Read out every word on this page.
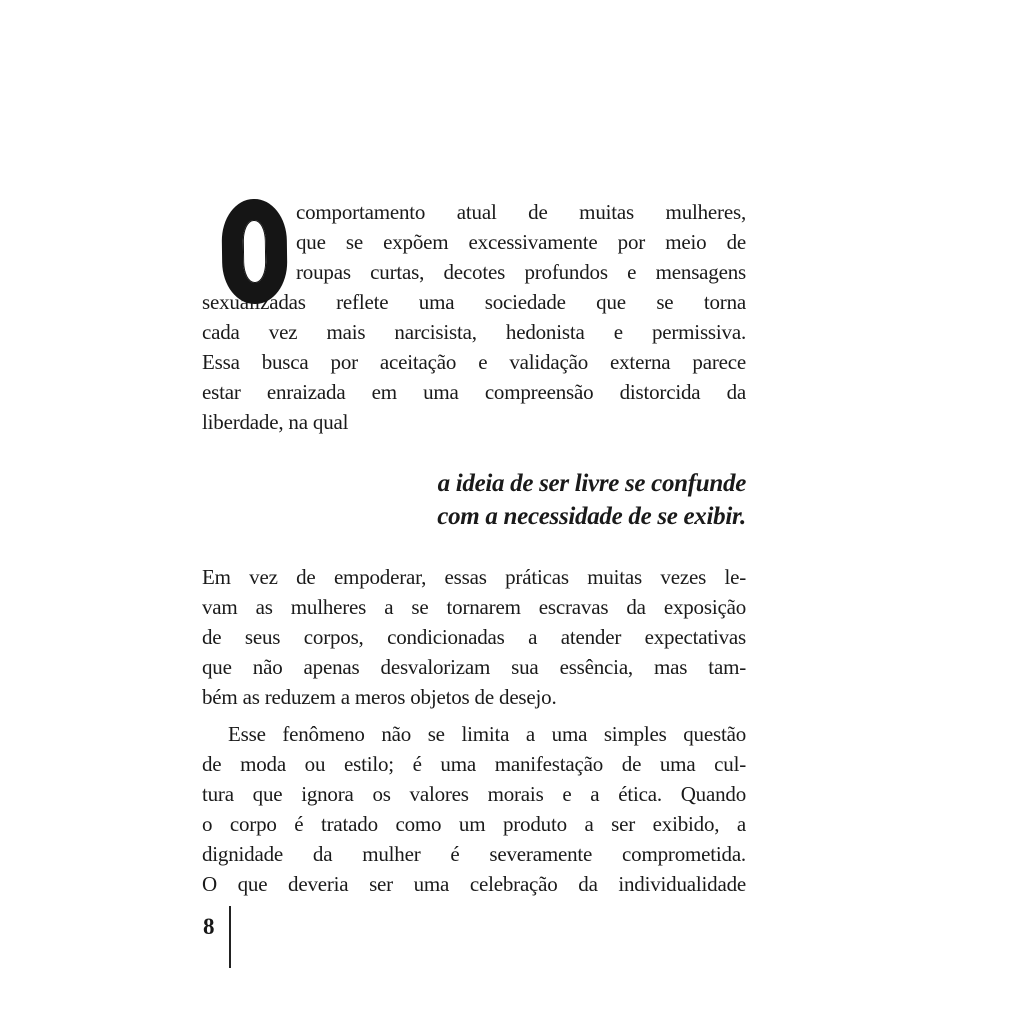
comportamento atual de muitas mulheres,
que se expõem excessivamente por meio de
roupas curtas, decotes profundos e mensagens
sexualizadas reflete uma sociedade que se torna
cada vez mais narcisista, hedonista e permissiva.
Essa busca por aceitação e validação externa parece
estar enraizada em uma compreensão distorcida da
liberdade, na qual
a ideia de ser livre se confunde
com a necessidade de se exibir.
Em vez de empoderar, essas práticas muitas vezes le-
vam as mulheres a se tornarem escravas da exposição
de seus corpos, condicionadas a atender expectativas
que não apenas desvalorizam sua essência, mas tam-
bém as reduzem a meros objetos de desejo.
Esse fenômeno não se limita a uma simples questão
de moda ou estilo; é uma manifestação de uma cul-
tura que ignora os valores morais e a ética. Quando
o corpo é tratado como um produto a ser exibido, a
dignidade da mulher é severamente comprometida.
O que deveria ser uma celebração da individualidade
8
